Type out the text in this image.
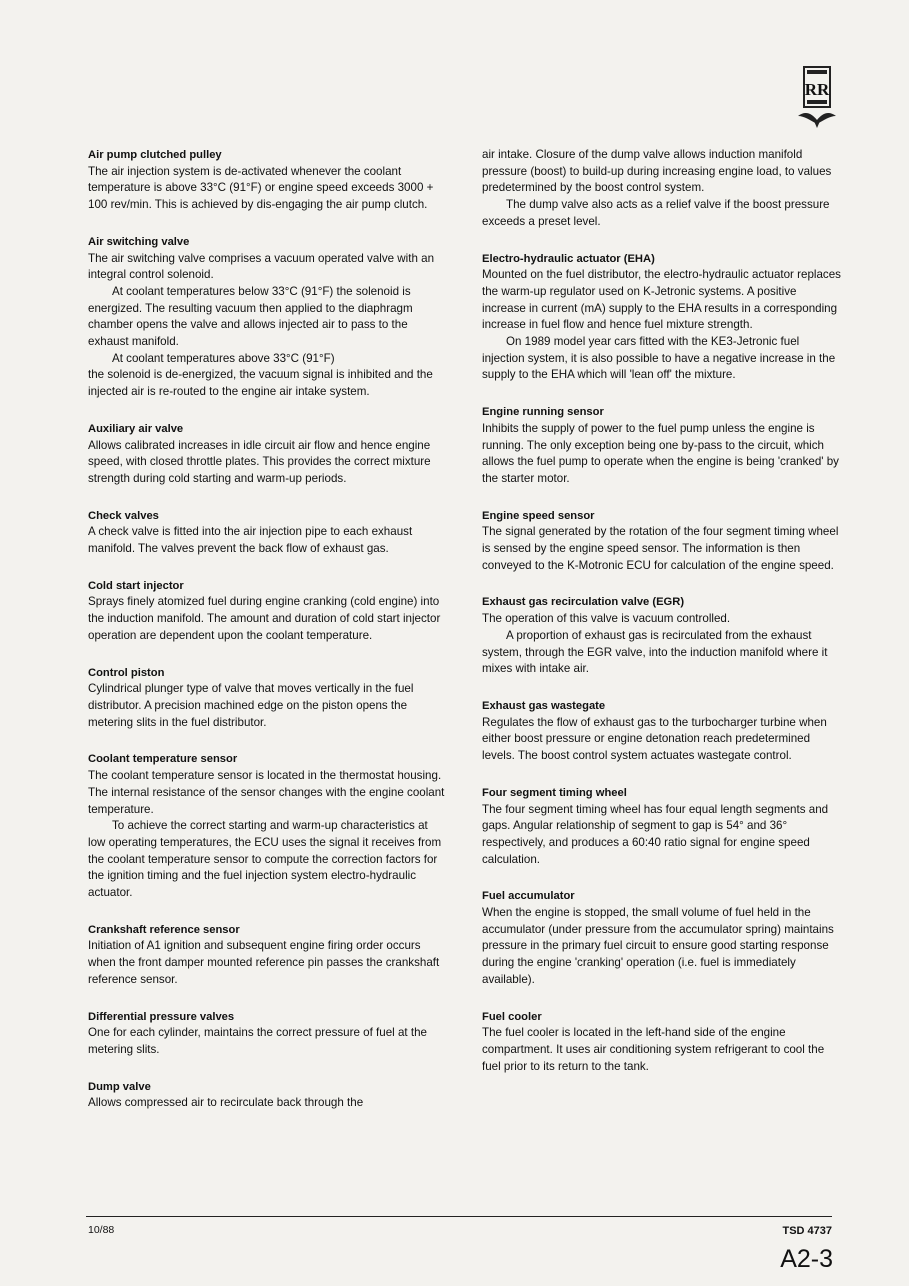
RR

Air pump clutched pulley

The air injection system is de-activated whenever the coolant temperature is above 33°C (91°F) or engine speed exceeds 3000 + 100 rev/min. This is achieved by dis-engaging the air pump clutch.

Air switching valve

The air switching valve comprises a vacuum operated valve with an integral control solenoid.

At coolant temperatures below 33°C (91°F) the solenoid is energized. The resulting vacuum then applied to the diaphragm chamber opens the valve and allows injected air to pass to the exhaust manifold.

At coolant temperatures above 33°C (91°F)

the solenoid is de-energized, the vacuum signal is inhibited and the injected air is re-routed to the engine air intake system.

Auxiliary air valve

Allows calibrated increases in idle circuit air flow and hence engine speed, with closed throttle plates. This provides the correct mixture strength during cold starting and warm-up periods.

Check valves

A check valve is fitted into the air injection pipe to each exhaust manifold. The valves prevent the back flow of exhaust gas.

Cold start injector

Sprays finely atomized fuel during engine cranking (cold engine) into the induction manifold. The amount and duration of cold start injector operation are dependent upon the coolant temperature.

Control piston

Cylindrical plunger type of valve that moves vertically in the fuel distributor. A precision machined edge on the piston opens the metering slits in the fuel distributor.

Coolant temperature sensor

The coolant temperature sensor is located in the thermostat housing. The internal resistance of the sensor changes with the engine coolant temperature.

To achieve the correct starting and warm-up characteristics at low operating temperatures, the ECU uses the signal it receives from the coolant temperature sensor to compute the correction factors for the ignition timing and the fuel injection system electro-hydraulic actuator.

Crankshaft reference sensor

Initiation of A1 ignition and subsequent engine firing order occurs when the front damper mounted reference pin passes the crankshaft reference sensor.

Differential pressure valves

One for each cylinder, maintains the correct pressure of fuel at the metering slits.

Dump valve

Allows compressed air to recirculate back through the

air intake. Closure of the dump valve allows induction manifold pressure (boost) to build-up during increasing engine load, to values predetermined by the boost control system.

The dump valve also acts as a relief valve if the boost pressure exceeds a preset level.

Electro-hydraulic actuator (EHA)

Mounted on the fuel distributor, the electro-hydraulic actuator replaces the warm-up regulator used on K-Jetronic systems. A positive increase in current (mA) supply to the EHA results in a corresponding increase in fuel flow and hence fuel mixture strength.

On 1989 model year cars fitted with the KE3-Jetronic fuel injection system, it is also possible to have a negative increase in the supply to the EHA which will 'lean off' the mixture.

Engine running sensor

Inhibits the supply of power to the fuel pump unless the engine is running. The only exception being one by-pass to the circuit, which allows the fuel pump to operate when the engine is being 'cranked' by the starter motor.

Engine speed sensor

The signal generated by the rotation of the four segment timing wheel is sensed by the engine speed sensor. The information is then conveyed to the K-Motronic ECU for calculation of the engine speed.

Exhaust gas recirculation valve (EGR)

The operation of this valve is vacuum controlled.

A proportion of exhaust gas is recirculated from the exhaust system, through the EGR valve, into the induction manifold where it mixes with intake air.

Exhaust gas wastegate

Regulates the flow of exhaust gas to the turbocharger turbine when either boost pressure or engine detonation reach predetermined levels. The boost control system actuates wastegate control.

Four segment timing wheel

The four segment timing wheel has four equal length segments and gaps. Angular relationship of segment to gap is 54° and 36° respectively, and produces a 60:40 ratio signal for engine speed calculation.

Fuel accumulator

When the engine is stopped, the small volume of fuel held in the accumulator (under pressure from the accumulator spring) maintains pressure in the primary fuel circuit to ensure good starting response during the engine 'cranking' operation (i.e. fuel is immediately available).

Fuel cooler

The fuel cooler is located in the left-hand side of the engine compartment. It uses air conditioning system refrigerant to cool the fuel prior to its return to the tank.

10/88	TSD 4737
A2-3
